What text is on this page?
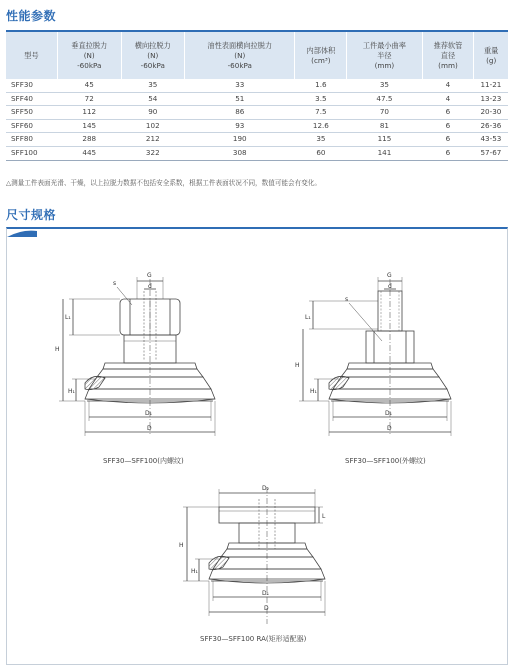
性能参数
型号	垂直拉脱力
(N)
-60kPa	横向拉脱力
(N)
-60kPa	油性表面横向拉脱力
(N)
-60kPa	内部体积
(cm³)	工件最小曲率
半径
(mm)	推荐软管
直径
(mm)	重量
(g)
SFF30	45	35	33	1.6	35	4	11-21
SFF40	72	54	51	3.5	47.5	4	13-23
SFF50	112	90	86	7.5	70	6	20-30
SFF60	145	102	93	12.6	81	6	26-36
SFF80	288	212	190	35	115	6	43-53
SFF100	445	322	308	60	141	6	57-67
△测量工件表面光滑、干燥，以上拉脱力数据不包括安全系数，根据工件表面状况不同，数值可能会有变化。
尺寸规格
G
d
s
L₁
H
H₁
D₁
D
G
d
s
L₁
H
H₁
D₁
D
D₂
L
H
H₁
D₁
D
SFF30—SFF100(内螺纹)	SFF30—SFF100(外螺纹)
SFF30—SFF100 RA(矩形适配器)
